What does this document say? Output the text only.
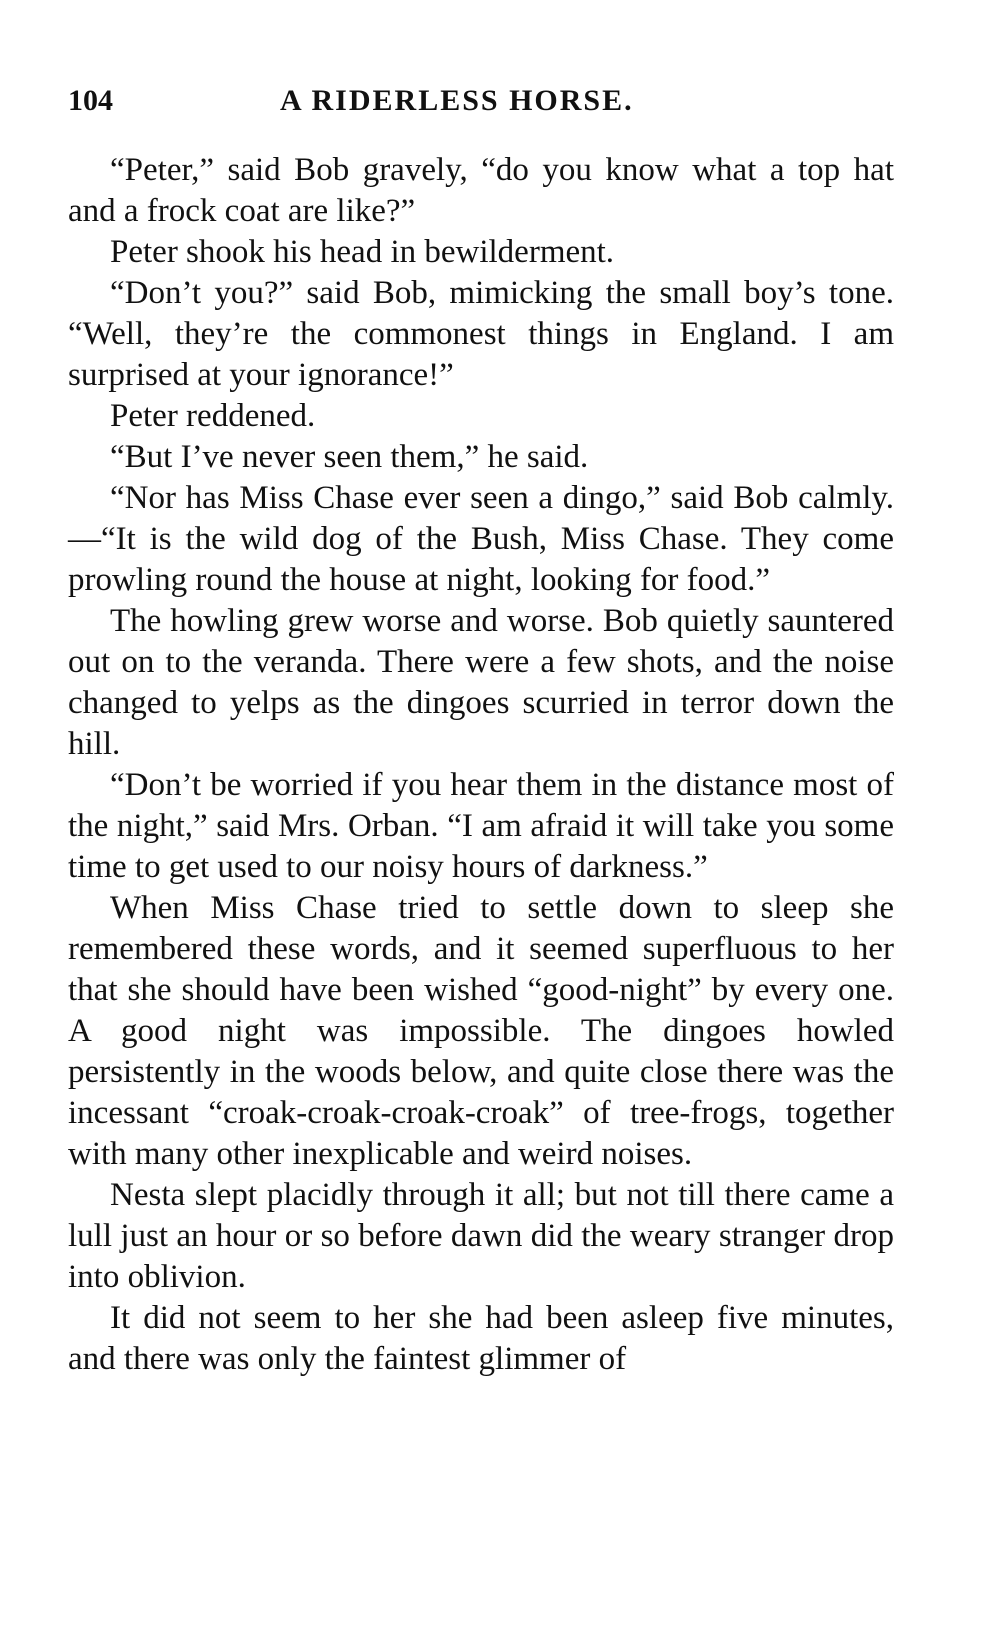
104	A RIDERLESS HORSE.

“Peter,” said Bob gravely, “do you know what a top hat and a frock coat are like?”

Peter shook his head in bewilderment.

“Don’t you?” said Bob, mimicking the small boy’s tone. “Well, they’re the commonest things in England. I am surprised at your ignorance!”

Peter reddened.

“But I’ve never seen them,” he said.

“Nor has Miss Chase ever seen a dingo,” said Bob calmly.—“It is the wild dog of the Bush, Miss Chase. They come prowling round the house at night, looking for food.”

The howling grew worse and worse. Bob quietly sauntered out on to the veranda. There were a few shots, and the noise changed to yelps as the dingoes scurried in terror down the hill.

“Don’t be worried if you hear them in the distance most of the night,” said Mrs. Orban. “I am afraid it will take you some time to get used to our noisy hours of darkness.”

When Miss Chase tried to settle down to sleep she remembered these words, and it seemed superfluous to her that she should have been wished “good-night” by every one. A good night was impossible. The dingoes howled persistently in the woods below, and quite close there was the incessant “croak-croak-croak-croak” of tree-frogs, together with many other inexplicable and weird noises.

Nesta slept placidly through it all; but not till there came a lull just an hour or so before dawn did the weary stranger drop into oblivion.

It did not seem to her she had been asleep five minutes, and there was only the faintest glimmer of
